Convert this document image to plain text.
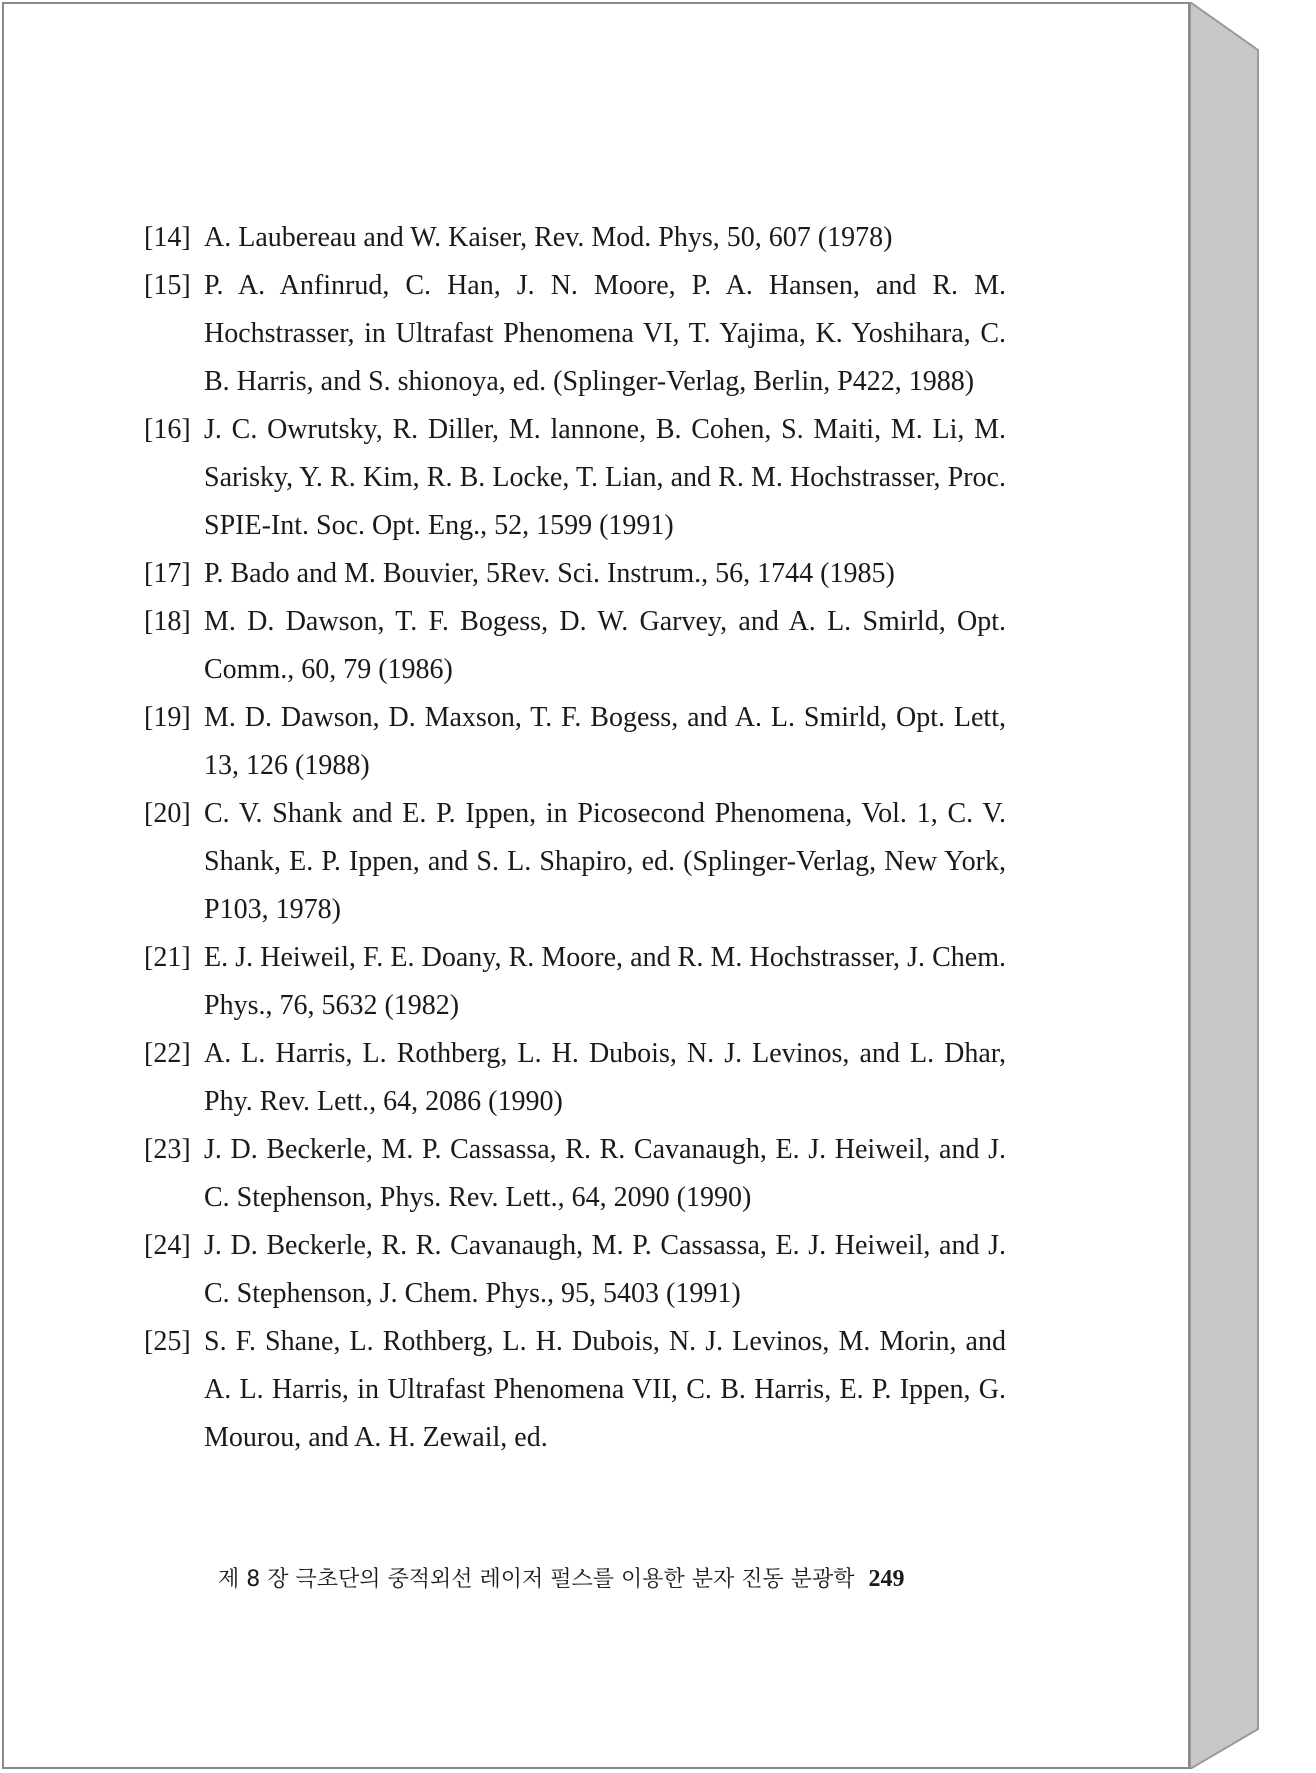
[14] A. Laubereau and W. Kaiser, Rev. Mod. Phys, 50, 607 (1978)
[15] P. A. Anfinrud, C. Han, J. N. Moore, P. A. Hansen, and R. M. Hochstrasser, in Ultrafast Phenomena VI, T. Yajima, K. Yoshihara, C. B. Harris, and S. shionoya, ed. (Splinger-Verlag, Berlin, P422, 1988)
[16] J. C. Owrutsky, R. Diller, M. lannone, B. Cohen, S. Maiti, M. Li, M. Sarisky, Y. R. Kim, R. B. Locke, T. Lian, and R. M. Hochstrasser, Proc. SPIE-Int. Soc. Opt. Eng., 52, 1599 (1991)
[17] P. Bado and M. Bouvier, 5Rev. Sci. Instrum., 56, 1744 (1985)
[18] M. D. Dawson, T. F. Bogess, D. W. Garvey, and A. L. Smirld, Opt. Comm., 60, 79 (1986)
[19] M. D. Dawson, D. Maxson, T. F. Bogess, and A. L. Smirld, Opt. Lett, 13, 126 (1988)
[20] C. V. Shank and E. P. Ippen, in Picosecond Phenomena, Vol. 1, C. V. Shank, E. P. Ippen, and S. L. Shapiro, ed. (Splinger-Verlag, New York, P103, 1978)
[21] E. J. Heiweil, F. E. Doany, R. Moore, and R. M. Hochstrasser, J. Chem. Phys., 76, 5632 (1982)
[22] A. L. Harris, L. Rothberg, L. H. Dubois, N. J. Levinos, and L. Dhar, Phy. Rev. Lett., 64, 2086 (1990)
[23] J. D. Beckerle, M. P. Cassassa, R. R. Cavanaugh, E. J. Heiweil, and J. C. Stephenson, Phys. Rev. Lett., 64, 2090 (1990)
[24] J. D. Beckerle, R. R. Cavanaugh, M. P. Cassassa, E. J. Heiweil, and J. C. Stephenson, J. Chem. Phys., 95, 5403 (1991)
[25] S. F. Shane, L. Rothberg, L. H. Dubois, N. J. Levinos, M. Morin, and A. L. Harris, in Ultrafast Phenomena VII, C. B. Harris, E. P. Ippen, G. Mourou, and A. H. Zewail, ed.
제 8 장 극초단의 중적외선 레이저 펄스를 이용한 분자 진동 분광학 249
